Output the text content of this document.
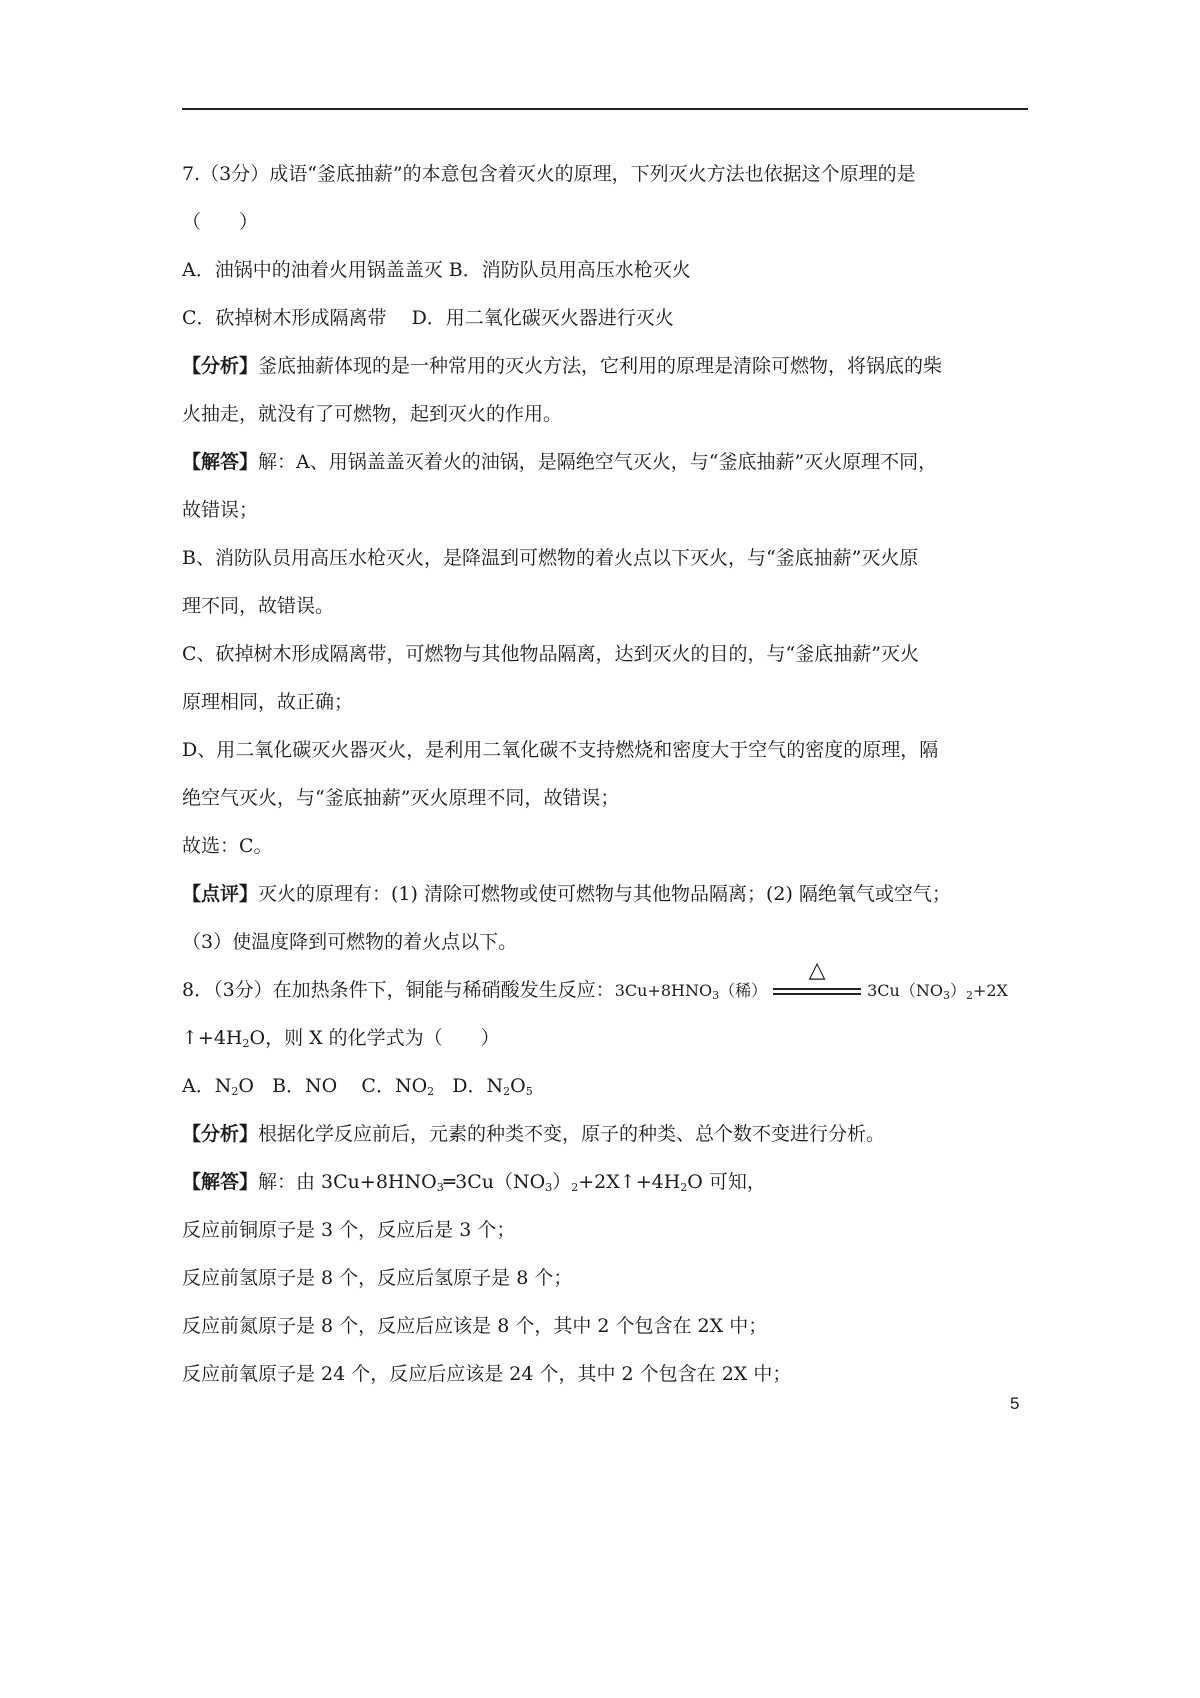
7.（3分）成语“釜底抽薪”的本意包含着灭火的原理，下列灭火方法也依据这个原理的是
（　　）
A．油锅中的油着火用锅盖盖灭 B．消防队员用高压水枪灭火
C．砍掉树木形成隔离带　 D．用二氧化碳灭火器进行灭火
【分析】釜底抽薪体现的是一种常用的灭火方法，它利用的原理是清除可燃物，将锅底的柴
火抽走，就没有了可燃物，起到灭火的作用。
【解答】解：A、用锅盖盖灭着火的油锅，是隔绝空气灭火，与“釜底抽薪”灭火原理不同，
故错误；
B、消防队员用高压水枪灭火，是降温到可燃物的着火点以下灭火，与“釜底抽薪”灭火原
理不同，故错误。
C、砍掉树木形成隔离带，可燃物与其他物品隔离，达到灭火的目的，与“釜底抽薪”灭火
原理相同，故正确；
D、用二氧化碳灭火器灭火，是利用二氧化碳不支持燃烧和密度大于空气的密度的原理，隔
绝空气灭火，与“釜底抽薪”灭火原理不同，故错误；
故选：C。
【点评】灭火的原理有：(1) 清除可燃物或使可燃物与其他物品隔离；(2) 隔绝氧气或空气；
（3）使温度降到可燃物的着火点以下。
8．（3分）在加热条件下，铜能与稀硝酸发生反应：$3Cu+8HNO_3$（稀）
△
$3Cu(NO_3)_2+2X$
$↑+4H_2O$，则 X 的化学式为（　　）
A．$N_2O$ B．NO C．$NO_2$ D．$N_2O_5$
【分析】根据化学反应前后，元素的种类不变，原子的种类、总个数不变进行分析。
【解答】解：由 $3Cu+8HNO_3═3Cu(NO_3)_2+2X↑+4H_2O$ 可知，
反应前铜原子是 3 个，反应后是 3 个；
反应前氢原子是 8 个，反应后氢原子是 8 个；
反应前氮原子是 8 个，反应后应该是 8 个，其中 2 个包含在 2X 中；
反应前氧原子是 24 个，反应后应该是 24 个，其中 2 个包含在 2X 中；
5
